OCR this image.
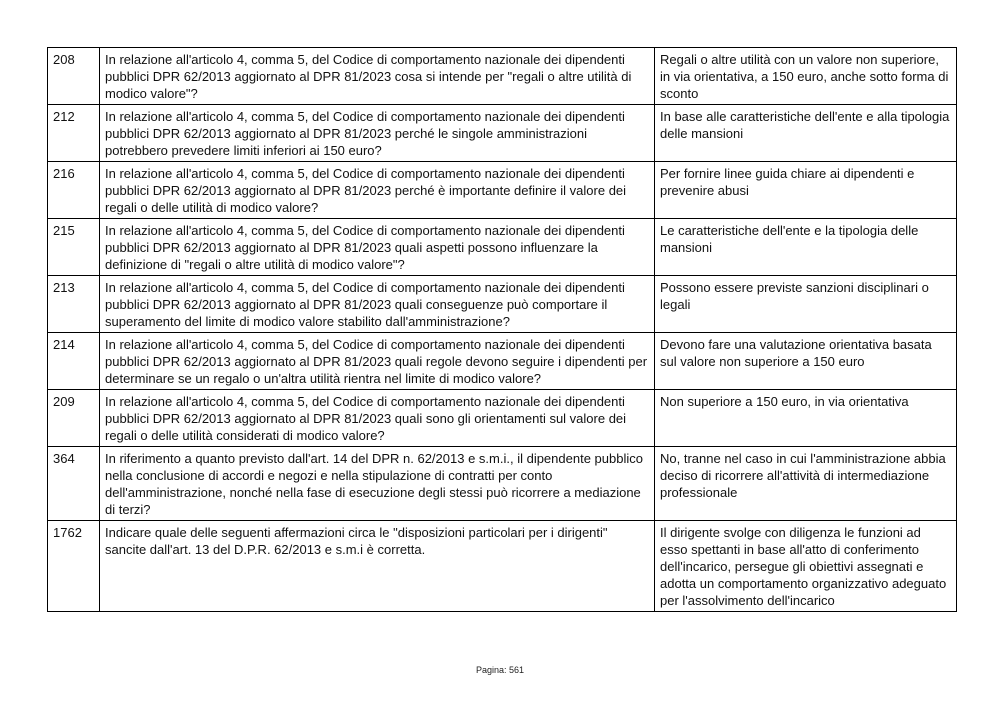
208	In relazione all'articolo 4, comma 5, del Codice di comportamento nazionale dei dipendenti pubblici DPR 62/2013 aggiornato al DPR 81/2023 cosa si intende per "regali o altre utilità di modico valore"?	Regali o altre utilità con un valore non superiore, in via orientativa, a 150 euro, anche sotto forma di sconto
212	In relazione all'articolo 4, comma 5, del Codice di comportamento nazionale dei dipendenti pubblici DPR 62/2013 aggiornato al DPR 81/2023 perché le singole amministrazioni potrebbero prevedere limiti inferiori ai 150 euro?	In base alle caratteristiche dell'ente e alla tipologia delle mansioni
216	In relazione all'articolo 4, comma 5, del Codice di comportamento nazionale dei dipendenti pubblici DPR 62/2013 aggiornato al DPR 81/2023 perché è importante definire il valore dei regali o delle utilità di modico valore?	Per fornire linee guida chiare ai dipendenti e prevenire abusi
215	In relazione all'articolo 4, comma 5, del Codice di comportamento nazionale dei dipendenti pubblici DPR 62/2013 aggiornato al DPR 81/2023 quali aspetti possono influenzare la definizione di "regali o altre utilità di modico valore"?	Le caratteristiche dell'ente e la tipologia delle mansioni
213	In relazione all'articolo 4, comma 5, del Codice di comportamento nazionale dei dipendenti pubblici DPR 62/2013 aggiornato al DPR 81/2023 quali conseguenze può comportare il superamento del limite di modico valore stabilito dall'amministrazione?	Possono essere previste sanzioni disciplinari o legali
214	In relazione all'articolo 4, comma 5, del Codice di comportamento nazionale dei dipendenti pubblici DPR 62/2013 aggiornato al DPR 81/2023 quali regole devono seguire i dipendenti per determinare se un regalo o un'altra utilità rientra nel limite di modico valore?	Devono fare una valutazione orientativa basata sul valore non superiore a 150 euro
209	In relazione all'articolo 4, comma 5, del Codice di comportamento nazionale dei dipendenti pubblici DPR 62/2013 aggiornato al DPR 81/2023 quali sono gli orientamenti sul valore dei regali o delle utilità considerati di modico valore?	Non superiore a 150 euro, in via orientativa
364	In riferimento a quanto previsto dall'art. 14 del DPR n. 62/2013 e s.m.i., il dipendente pubblico nella conclusione di accordi e negozi e nella stipulazione di contratti per conto dell'amministrazione, nonché nella fase di esecuzione degli stessi può ricorrere a mediazione di terzi?	No, tranne nel caso in cui l'amministrazione abbia deciso di ricorrere all'attività di intermediazione professionale
1762	Indicare quale delle seguenti affermazioni circa le "disposizioni particolari per i dirigenti" sancite dall'art. 13 del D.P.R. 62/2013 e s.m.i è corretta.	Il dirigente svolge con diligenza le funzioni ad esso spettanti in base all'atto di conferimento dell'incarico, persegue gli obiettivi assegnati e adotta un comportamento organizzativo adeguato per l'assolvimento dell'incarico
Pagina: 561
